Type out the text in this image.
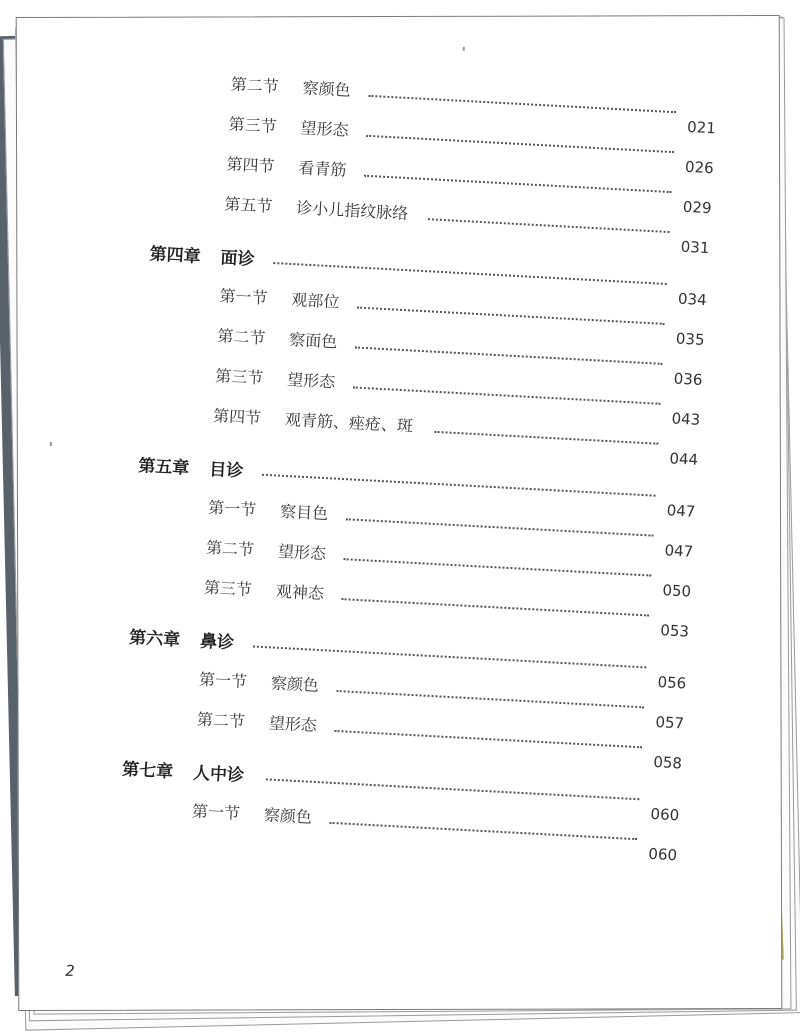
第二节 察颜色
021
第三节 望形态
026
第四节 看青筋
029
第五节 诊小儿指纹脉络
031
第四章 面诊
034
第一节 观部位
035
第二节 察面色
036
第三节 望形态
043
第四节 观青筋、痤疮、斑
044
第五章 目诊
047
第一节 察目色
047
第二节 望形态
050
第三节 观神态
053
第六章 鼻诊
056
第一节 察颜色
057
第二节 望形态
058
第七章 人中诊
060
第一节 察颜色
060
2
